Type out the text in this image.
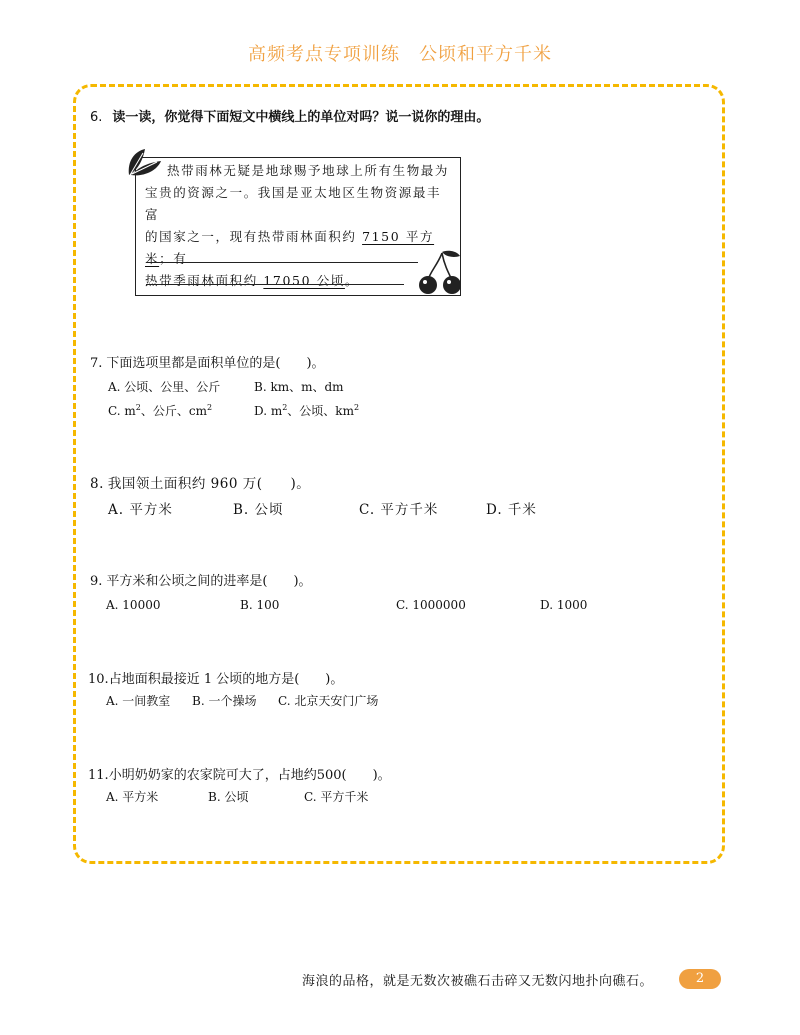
高频考点专项训练　公顷和平方千米
6. 读一读，你觉得下面短文中横线上的单位对吗？说一说你的理由。
热带雨林无疑是地球赐予地球上所有生物最为
宝贵的资源之一。我国是亚太地区生物资源最丰富
的国家之一，现有热带雨林面积约 7150 平方米；有
热带季雨林面积约 17050 公顷。
7. 下面选项里都是面积单位的是(　　)。
A. 公顷、公里、公斤	B. km、m、dm
C. $m^2$、公斤、$cm^2$	D. $m^2$、公顷、$km^2$
8. 我国领土面积约 960 万(　　)。
A. 平方米	B. 公顷	C. 平方千米	D. 千米
9. 平方米和公顷之间的进率是(　　)。
A. 10000	B. 100	C. 1000000	D. 1000
10.占地面积最接近 1 公顷的地方是(　　)。
A. 一间教室 B. 一个操场 C. 北京天安门广场
11.小明奶奶家的农家院可大了，占地约500(　　)。
A. 平方米	B. 公顷	C. 平方千米
海浪的品格，就是无数次被礁石击碎又无数闪地扑向礁石。	2
